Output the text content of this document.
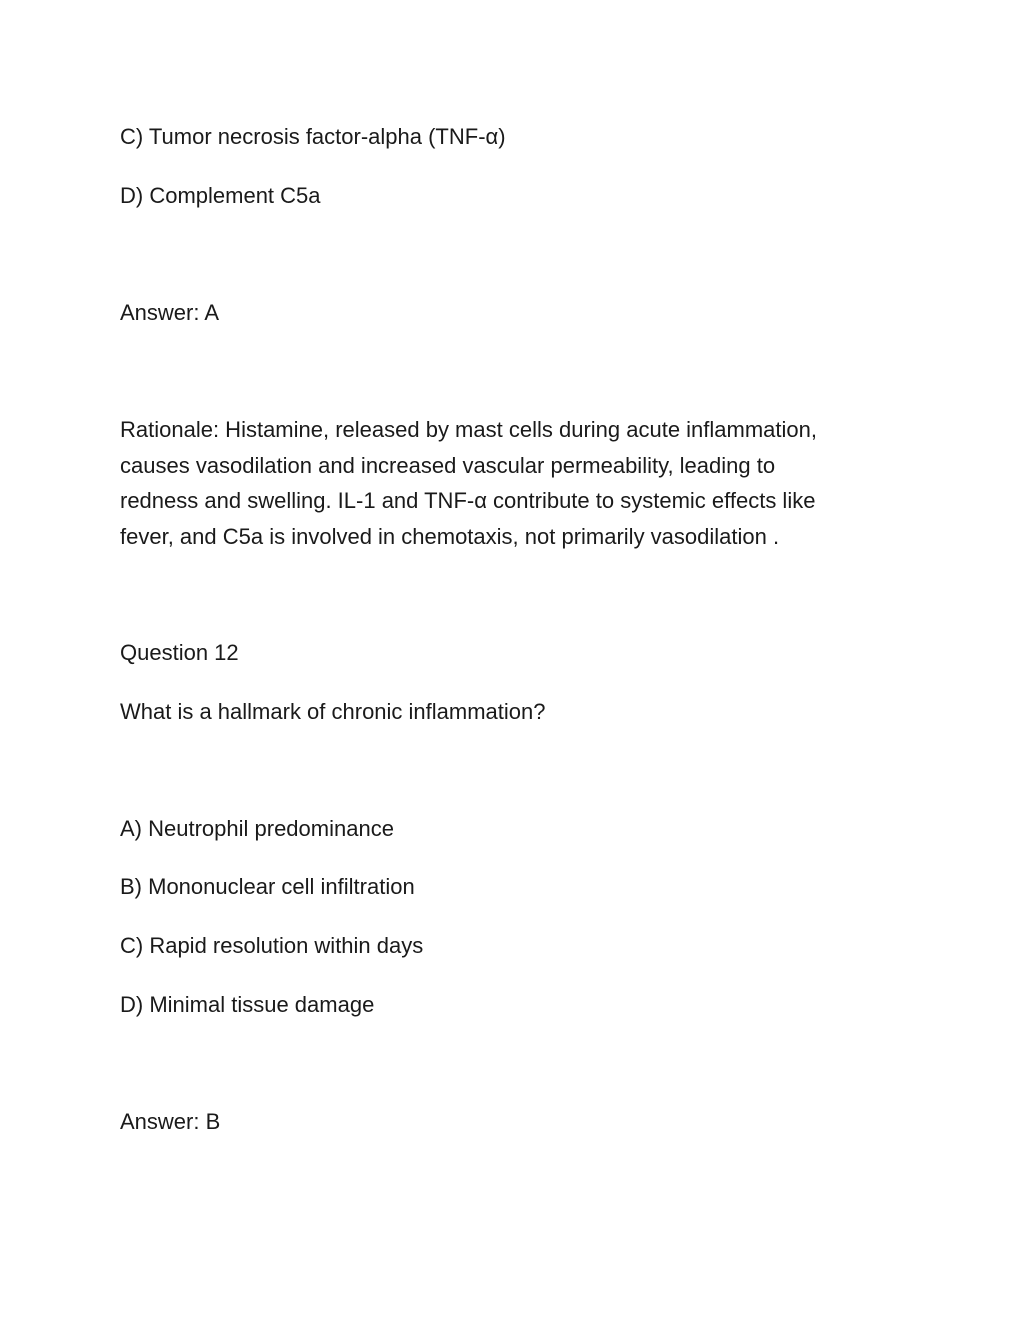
C) Tumor necrosis factor-alpha (TNF-α)

D) Complement C5a

Answer: A

Rationale: Histamine, released by mast cells during acute inflammation,
causes vasodilation and increased vascular permeability, leading to
redness and swelling. IL-1 and TNF-α contribute to systemic effects like
fever, and C5a is involved in chemotaxis, not primarily vasodilation .

Question 12

What is a hallmark of chronic inflammation?

A) Neutrophil predominance

B) Mononuclear cell infiltration

C) Rapid resolution within days

D) Minimal tissue damage

Answer: B
